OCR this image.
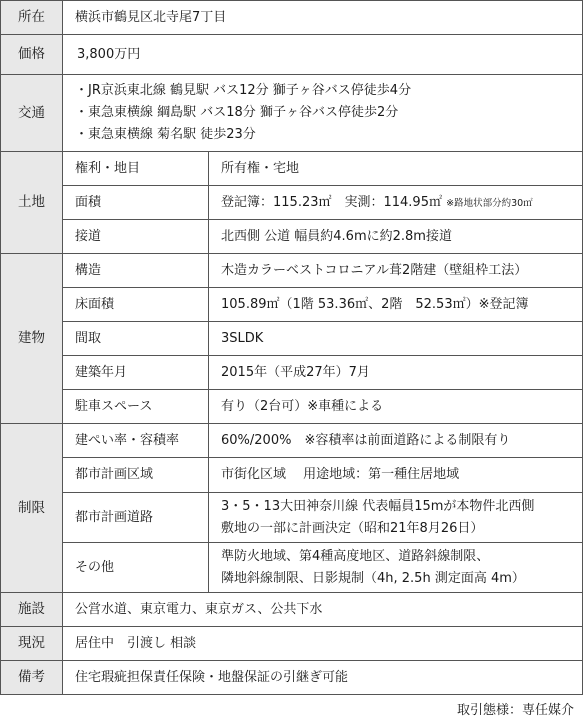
所在	横浜市鶴見区北寺尾7丁目	
価格	3,800万円	
交通	・JR京浜東北線 鶴見駅 バス12分 獅子ヶ谷バス停徒歩4分
・東急東横線 綱島駅 バス18分 獅子ヶ谷バス停徒歩2分
・東急東横線 菊名駅 徒歩23分	

土地	権利・地目	所有権・宅地
	面積	登記簿：115.23㎡　実測：114.95㎡ ※路地状部分約30㎡
	接道	北西側 公道 幅員約4.6mに約2.8m接道
建物	構造	木造カラーベストコロニアル葺2階建（壁組枠工法）
	床面積	105.89㎡（1階 53.36㎡、2階　52.53㎡）※登記簿
	間取	3SLDK
	建築年月	2015年（平成27年）7月
	駐車スペース	有り（2台可）※車種による
制限	建ぺい率・容積率	60%/200%　※容積率は前面道路による制限有り
	都市計画区域	市街化区域　 用途地域：第一種住居地域
	都市計画道路	3・5・13大田神奈川線 代表幅員15mが本物件北西側
敷地の一部に計画決定（昭和21年8月26日）

	その他	準防火地域、第4種高度地区、道路斜線制限、
隣地斜線制限、日影規制（4h, 2.5h 測定面高 4m）

施設	公営水道、東京電力、東京ガス、公共下水	
現況	居住中　引渡し 相談	
備考	住宅瑕疵担保責任保険・地盤保証の引継ぎ可能	
取引態様：専任媒介
